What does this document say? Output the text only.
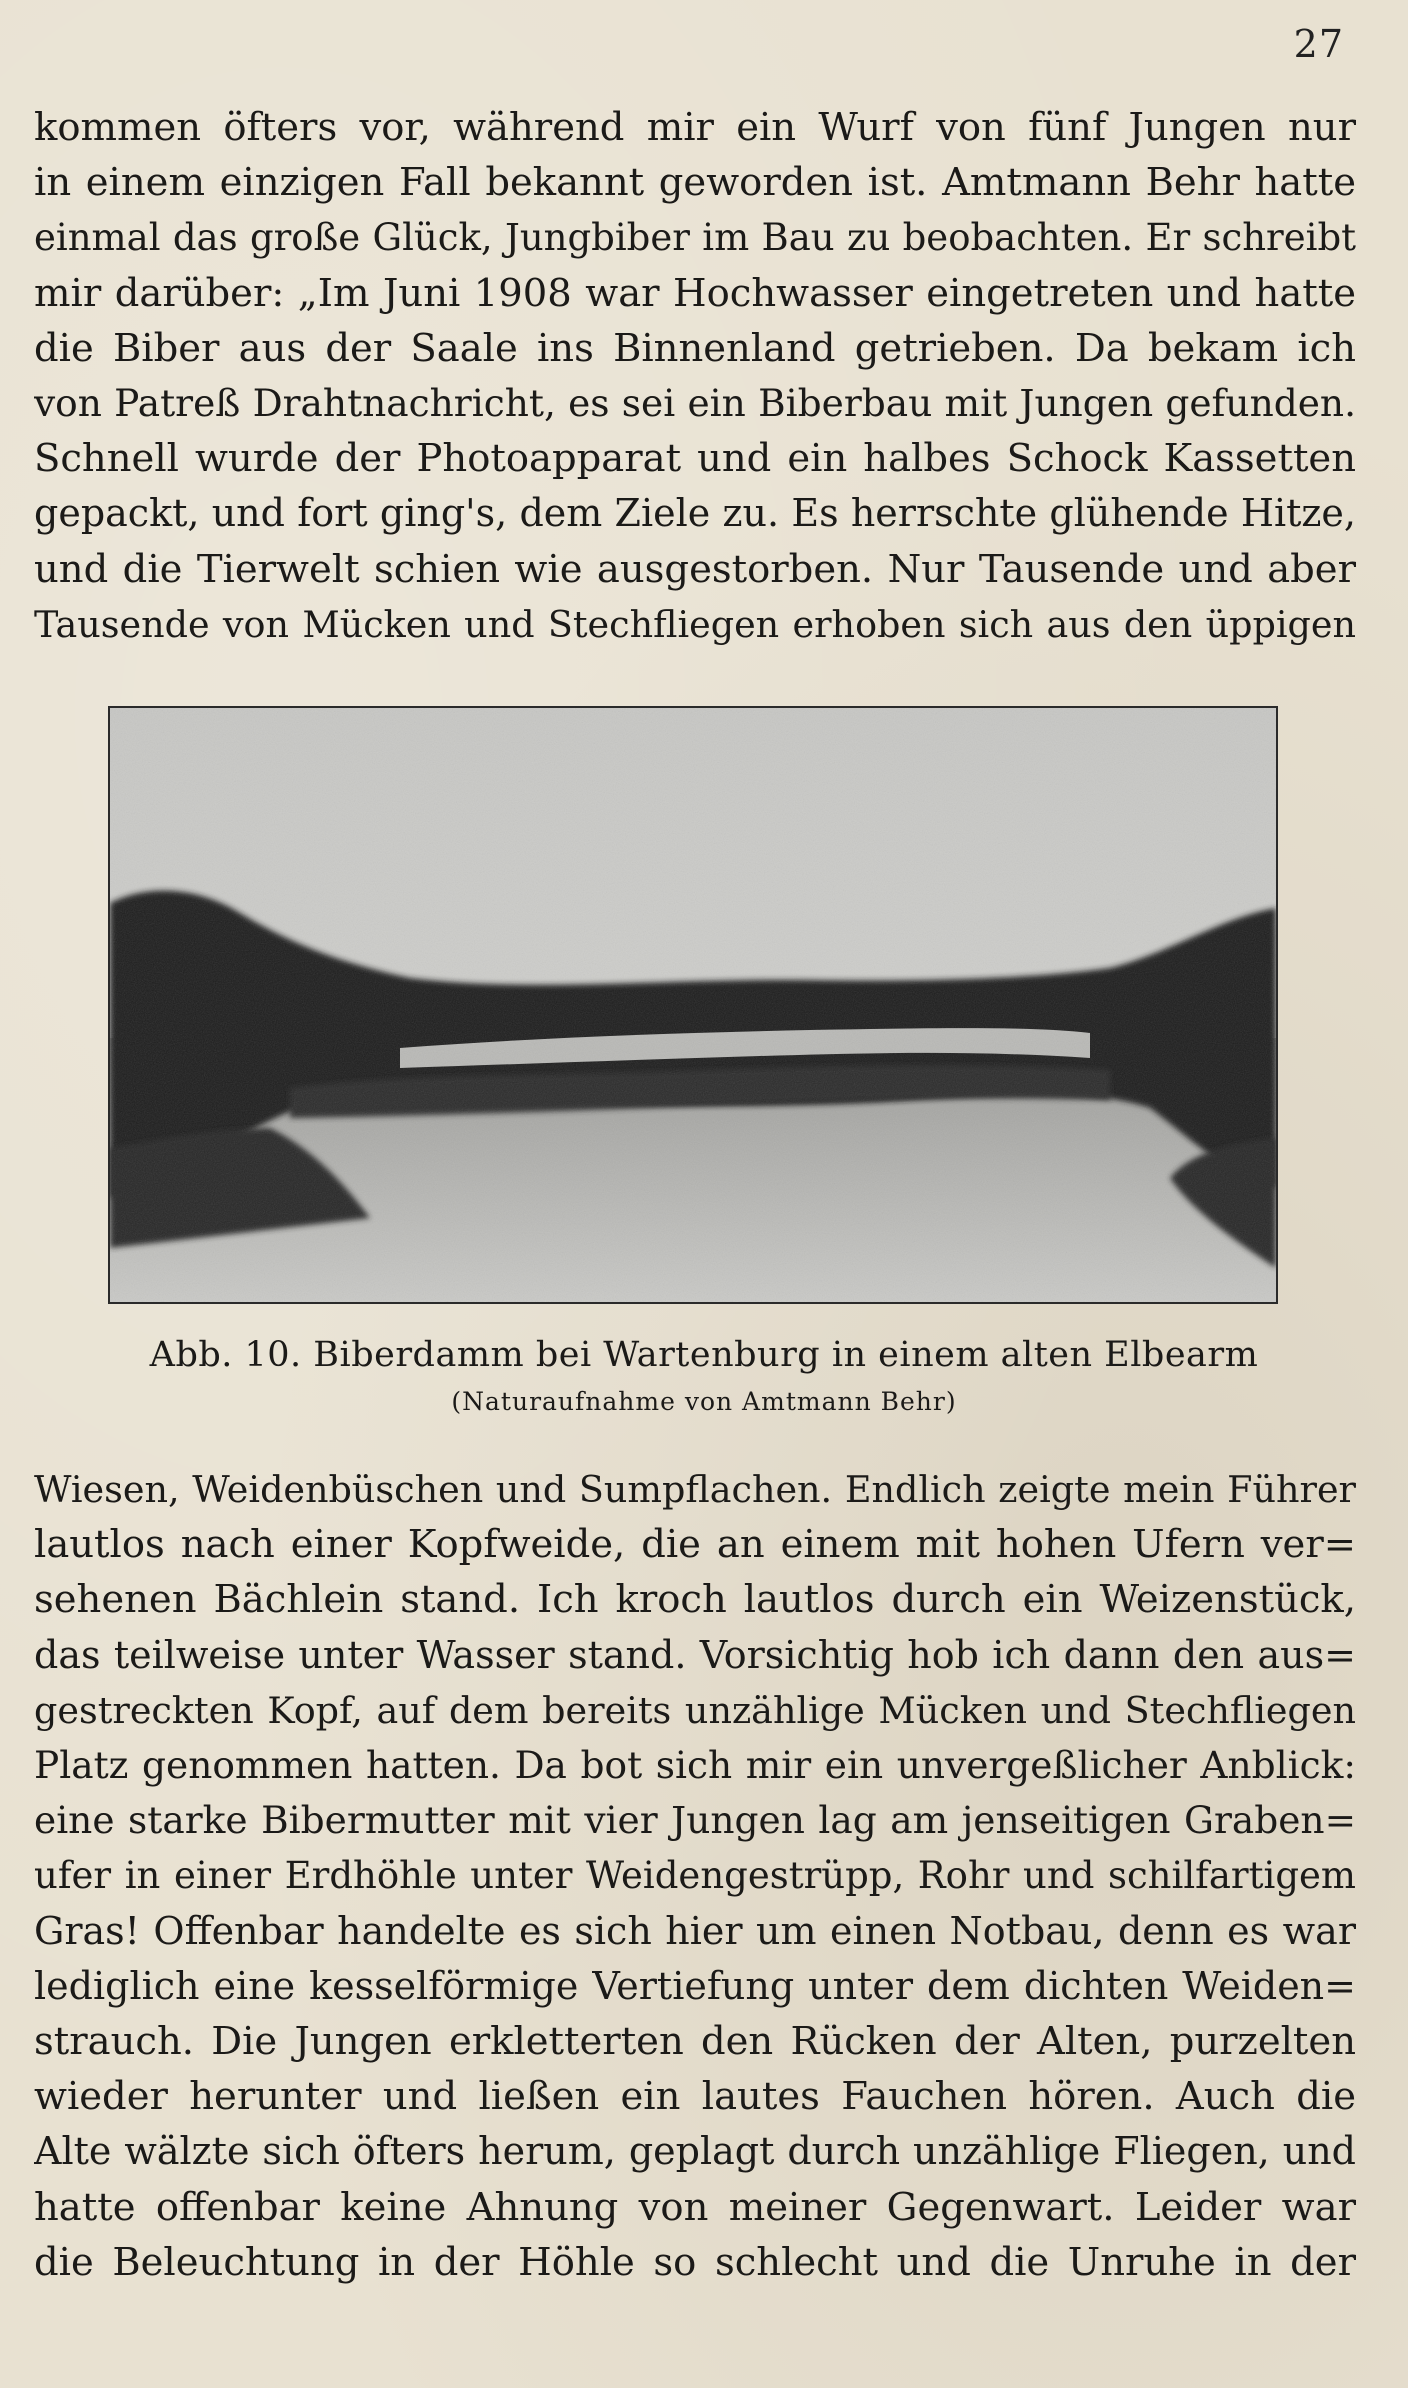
27
kommen öfters vor, während mir ein Wurf von fünf Jungen nur
in einem einzigen Fall bekannt geworden ist. Amtmann Behr hatte
einmal das große Glück, Jungbiber im Bau zu beobachten. Er schreibt
mir darüber: „Im Juni 1908 war Hochwasser eingetreten und hatte
die Biber aus der Saale ins Binnenland getrieben. Da bekam ich
von Patreß Drahtnachricht, es sei ein Biberbau mit Jungen gefunden.
Schnell wurde der Photoapparat und ein halbes Schock Kassetten
gepackt, und fort ging's, dem Ziele zu. Es herrschte glühende Hitze,
und die Tierwelt schien wie ausgestorben. Nur Tausende und aber
Tausende von Mücken und Stechfliegen erhoben sich aus den üppigen
Abb. 10. Biberdamm bei Wartenburg in einem alten Elbearm
(Naturaufnahme von Amtmann Behr)
Wiesen, Weidenbüschen und Sumpflachen. Endlich zeigte mein Führer
lautlos nach einer Kopfweide, die an einem mit hohen Ufern ver=
sehenen Bächlein stand. Ich kroch lautlos durch ein Weizenstück,
das teilweise unter Wasser stand. Vorsichtig hob ich dann den aus=
gestreckten Kopf, auf dem bereits unzählige Mücken und Stechfliegen
Platz genommen hatten. Da bot sich mir ein unvergeßlicher Anblick:
eine starke Bibermutter mit vier Jungen lag am jenseitigen Graben=
ufer in einer Erdhöhle unter Weidengestrüpp, Rohr und schilfartigem
Gras! Offenbar handelte es sich hier um einen Notbau, denn es war
lediglich eine kesselförmige Vertiefung unter dem dichten Weiden=
strauch. Die Jungen erkletterten den Rücken der Alten, purzelten
wieder herunter und ließen ein lautes Fauchen hören. Auch die
Alte wälzte sich öfters herum, geplagt durch unzählige Fliegen, und
hatte offenbar keine Ahnung von meiner Gegenwart. Leider war
die Beleuchtung in der Höhle so schlecht und die Unruhe in der
